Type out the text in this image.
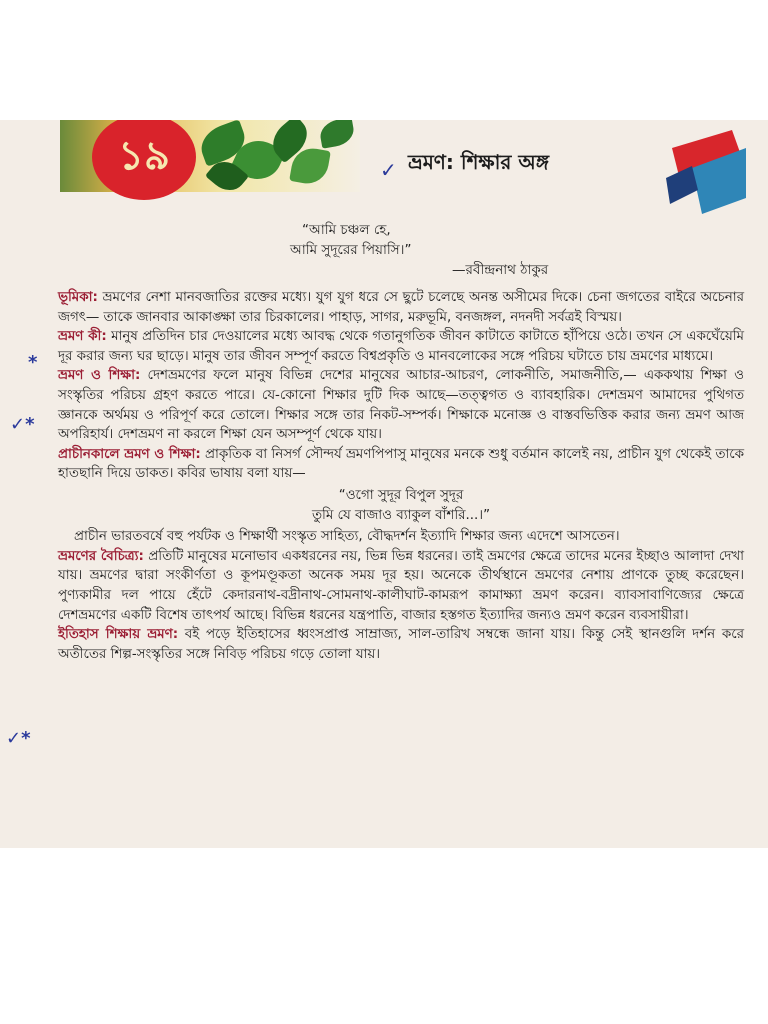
১৯	✓ ভ্রমণ: শিক্ষার অঙ্গ
“আমি চঞ্চল হে,
আমি সুদূরের পিয়াসি।”
—রবীন্দ্রনাথ ঠাকুর
*
✓*
✓*

ভূমিকা: ভ্রমণের নেশা মানবজাতির রক্তের মধ্যে। যুগ যুগ ধরে সে ছুটে চলেছে অনন্ত অসীমের দিকে। চেনা জগতের বাইরে অচেনার জগৎ— তাকে জানবার আকাঙ্ক্ষা তার চিরকালের। পাহাড়, সাগর, মরুভূমি, বনজঙ্গল, নদনদী সর্বত্রই বিস্ময়।

ভ্রমণ কী: মানুষ প্রতিদিন চার দেওয়ালের মধ্যে আবদ্ধ থেকে গতানুগতিক জীবন কাটাতে কাটাতে হাঁপিয়ে ওঠে। তখন সে একঘেঁয়েমি দূর করার জন্য ঘর ছাড়ে। মানুষ তার জীবন সম্পূর্ণ করতে বিশ্বপ্রকৃতি ও মানবলোকের সঙ্গে পরিচয় ঘটাতে চায় ভ্রমণের মাধ্যমে।

ভ্রমণ ও শিক্ষা: দেশভ্রমণের ফলে মানুষ বিভিন্ন দেশের মানুষের আচার-আচরণ, লোকনীতি, সমাজনীতি,— এককথায় শিক্ষা ও সংস্কৃতির পরিচয় গ্রহণ করতে পারে। যে-কোনো শিক্ষার দুটি দিক আছে—তত্ত্বগত ও ব্যাবহারিক। দেশভ্রমণ আমাদের পুথিগত জ্ঞানকে অর্থময় ও পরিপূর্ণ করে তোলে। শিক্ষার সঙ্গে তার নিকট-সম্পর্ক। শিক্ষাকে মনোজ্ঞ ও বাস্তবভিত্তিক করার জন্য ভ্রমণ আজ অপরিহার্য। দেশভ্রমণ না করলে শিক্ষা যেন অসম্পূর্ণ থেকে যায়।

প্রাচীনকালে ভ্রমণ ও শিক্ষা: প্রাকৃতিক বা নিসর্গ সৌন্দর্য ভ্রমণপিপাসু মানুষের মনকে শুধু বর্তমান কালেই নয়, প্রাচীন যুগ থেকেই তাকে হাতছানি দিয়ে ডাকত। কবির ভাষায় বলা যায়—

“ওগো সুদূর বিপুল সুদূর
তুমি যে বাজাও ব্যাকুল বাঁশরি...।”

প্রাচীন ভারতবর্ষে বহু পর্যটক ও শিক্ষার্থী সংস্কৃত সাহিত্য, বৌদ্ধদর্শন ইত্যাদি শিক্ষার জন্য এদেশে আসতেন।

ভ্রমণের বৈচিত্র্য: প্রতিটি মানুষের মনোভাব একধরনের নয়, ভিন্ন ভিন্ন ধরনের। তাই ভ্রমণের ক্ষেত্রে তাদের মনের ইচ্ছাও আলাদা দেখা যায়। ভ্রমণের দ্বারা সংকীর্ণতা ও কূপমণ্ডূকতা অনেক সময় দূর হয়। অনেকে তীর্থস্থানে ভ্রমণের নেশায় প্রাণকে তুচ্ছ করেছেন। পুণ্যকামীর দল পায়ে হেঁটে কেদারনাথ-বদ্রীনাথ-সোমনাথ-কালীঘাট-কামরূপ কামাক্ষ্যা ভ্রমণ করেন। ব্যাবসাবাণিজ্যের ক্ষেত্রে দেশভ্রমণের একটি বিশেষ তাৎপর্য আছে। বিভিন্ন ধরনের যন্ত্রপাতি, বাজার হস্তগত ইত্যাদির জন্যও ভ্রমণ করেন ব্যবসায়ীরা।

ইতিহাস শিক্ষায় ভ্রমণ: বই পড়ে ইতিহাসের ধ্বংসপ্রাপ্ত সাম্রাজ্য, সাল-তারিখ সম্বন্ধে জানা যায়। কিন্তু সেই স্থানগুলি দর্শন করে অতীতের শিল্প-সংস্কৃতির সঙ্গে নিবিড় পরিচয় গড়ে তোলা যায়।
